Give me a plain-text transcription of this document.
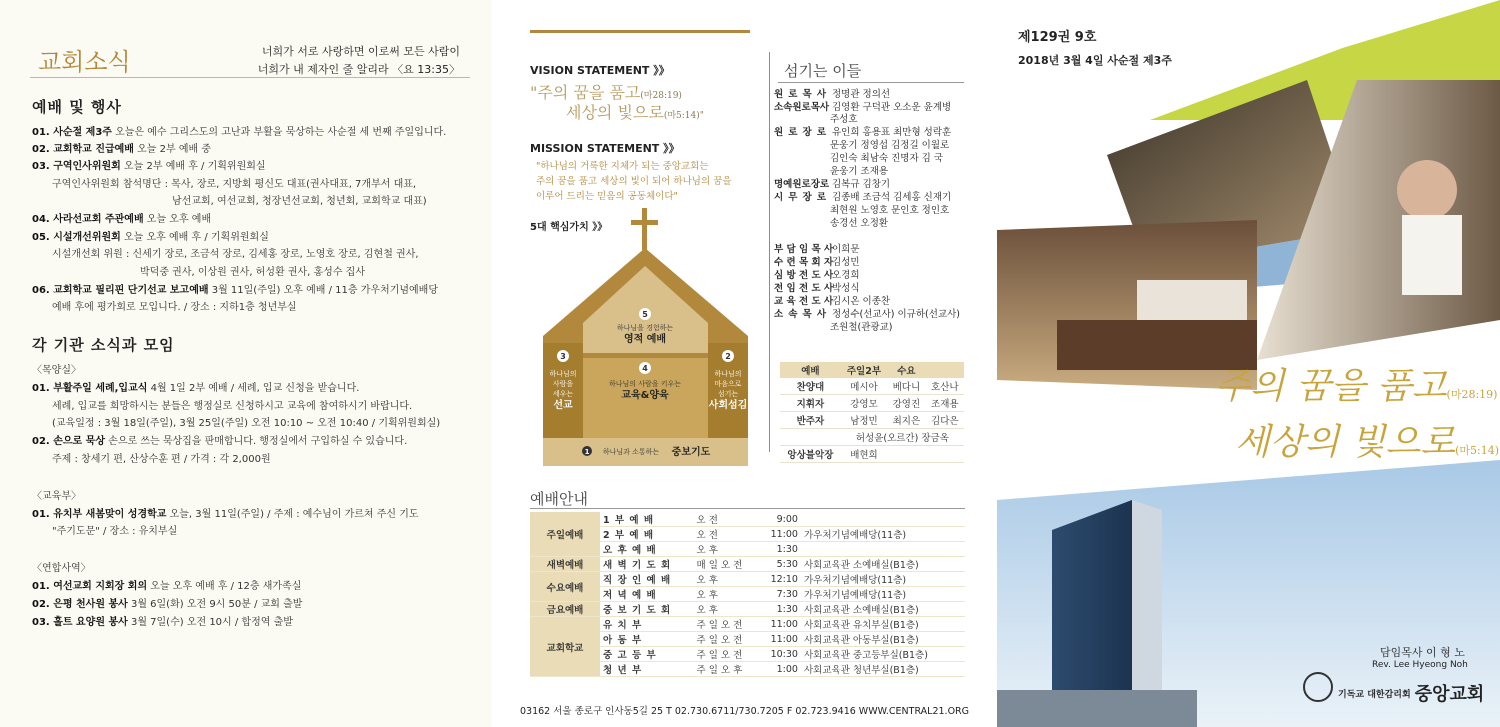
교회소식	너희가 서로 사랑하면 이로써 모든 사람이
너희가 내 제자인 줄 알리라 〈요 13:35〉
예배 및 행사
01. 사순절 제3주 오늘은 예수 그리스도의 고난과 부활을 묵상하는 사순절 세 번째 주일입니다.
02. 교회학교 진급예배 오늘 2부 예배 중
03. 구역인사위원회 오늘 2부 예배 후 / 기획위원회실
구역인사위원회 참석명단 : 목사, 장로, 지방회 평신도 대표(권사대표, 7개부서 대표,
남선교회, 여선교회, 청장년선교회, 청년회, 교회학교 대표)
04. 사라선교회 주관예배 오늘 오후 예배
05. 시설개선위원회 오늘 오후 예배 후 / 기획위원회실
시설개선회 위원 : 신세기 장로, 조금석 장로, 김세홍 장로, 노영호 장로, 김현철 권사,
박덕중 권사, 이상원 권사, 허성환 권사, 홍성수 집사
06. 교회학교 필리핀 단기선교 보고예배 3월 11일(주일) 오후 예배 / 11층 가우처기념예배당
예배 후에 평가회로 모입니다. / 장소 : 지하1층 청년부실
각 기관 소식과 모임
〈목양실〉
01. 부활주일 세례,입교식 4월 1일 2부 예배 / 세례, 입교 신청을 받습니다.
세례, 입교를 희망하시는 분들은 행정실로 신청하시고 교육에 참여하시기 바랍니다.
(교육일정 : 3월 18일(주일), 3월 25일(주일) 오전 10:10 ~ 오전 10:40 / 기획위원회실)
02. 손으로 묵상 손으로 쓰는 묵상집을 판매합니다. 행정실에서 구입하실 수 있습니다.
주제 : 창세기 편, 산상수훈 편 / 가격 : 각 2,000원
〈교육부〉
01. 유치부 새봄맞이 성경학교 오늘, 3월 11일(주일) / 주제 : 예수님이 가르쳐 주신 기도
"주기도문" / 장소 : 유치부실
〈연합사역〉
01. 여선교회 지회장 회의 오늘 오후 예배 후 / 12층 새가족실
02. 은평 천사원 봉사 3월 6일(화) 오전 9시 50분 / 교회 출발
03. 홀트 요양원 봉사 3월 7일(수) 오전 10시 / 합정역 출발
VISION STATEMENT 》》
"주의 꿈을 품고(마28:19)
세상의 빛으로(마5:14)"
MISSION STATEMENT 》》
"하나님의 거룩한 지체가 되는 중앙교회는
주의 꿈을 품고 세상의 빛이 되어 하나님의 꿈을
이루어 드리는 믿음의 공동체이다"
5대 핵심가치 》》
5
하나님을 경험하는
영적 예배
3
하나님의
사람을
세우는
선교
4
하나님의 사람을 키우는
교육&양육
2
하나님의
마음으로
섬기는
사회섬김
1 하나님과 소통하는 중보기도
섬기는 이들
원 로 목 사 정명관 정의선
소속원로목사 김영환 구덕관 오소운 윤계병
주성호
원 로 장 로 유인희 홍용표 최만형 성락훈
문웅기 정영섭 김정길 이월로
김인숙 최남숙 진명자 김 국
윤웅기 조재용
명예원로장로 김복규 김창기
시 무 장 로 김종배 조금석 김세홍 신재기
최현원 노영호 문인호 정인호
송경선 오정환
부 담 임 목 사이희문
수 련 목 회 자김성민
심 방 전 도 사오경희
전 임 전 도 사박성식
교 육 전 도 사김시온 이종찬
소 속 목 사 정성수(선교사) 이규하(선교사)
조원철(관광교)
예배	주일2부	수요	
찬양대	메시아	베다니	호산나
지휘자	강영모	강영진	조재용
반주자	남정민	최지은	김다은
	허성윤(오르간) 장금옥		
앙상블악장	배현희		
예배안내
주일예배	1 부 예 배	오 전	9:00	
	2 부 예 배	오 전	11:00	가우처기념예배당(11층)
	오 후 예 배	오 후	1:30	
새벽예배	새 벽 기 도 회	매 일 오 전	5:30	사회교육관 소예배실(B1층)
수요예배	직 장 인 예 배	오 후	12:10	가우처기념예배당(11층)
	저 녁 예 배	오 후	7:30	가우처기념예배당(11층)
금요예배	중 보 기 도 회	오 후	1:30	사회교육관 소예배실(B1층)
교회학교	유 치 부	주 일 오 전	11:00	사회교육관 유치부실(B1층)
	아 동 부	주 일 오 전	11:00	사회교육관 아동부실(B1층)
	중 고 등 부	주 일 오 전	10:30	사회교육관 중고등부실(B1층)
	청 년 부	주 일 오 후	1:00	사회교육관 청년부실(B1층)
03162 서울 종로구 인사동5길 25 T 02.730.6711/730.7205 F 02.723.9416 WWW.CENTRAL21.ORG
제129권 9호
2018년 3월 4일 사순절 제3주
주의 꿈을 품고(마28:19)
세상의 빛으로(마5:14)
담임목사 이 형 노
Rev. Lee Hyeong Noh
기독교 대한감리회 중앙교회
